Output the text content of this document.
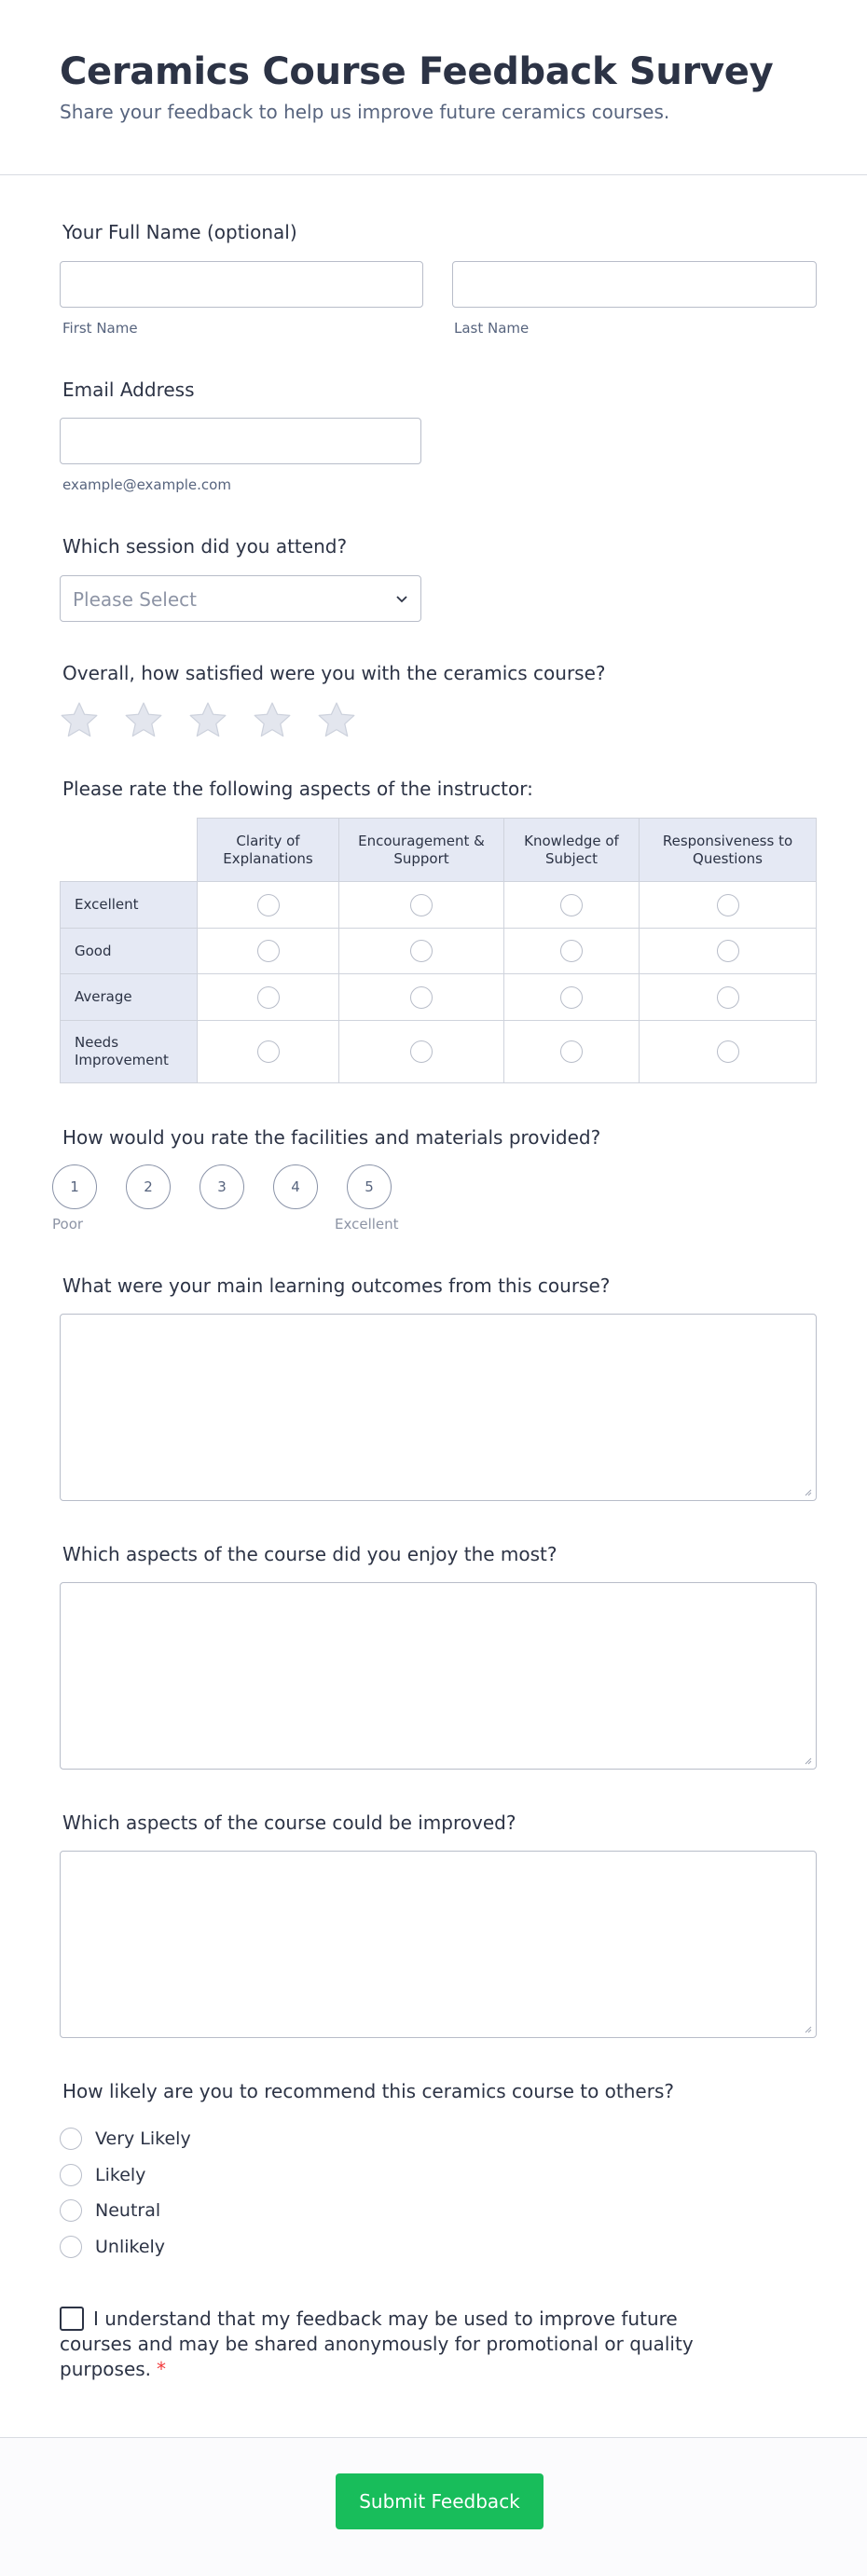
Ceramics Course Feedback Survey

Share your feedback to help us improve future ceramics courses.

Your Full Name (optional)
First Name	Last Name
Email Address
example@example.com
Which session did you attend?
Please Select
Overall, how satisfied were you with the ceramics course?
Please rate the following aspects of the instructor:
	Clarity of Explanations	Encouragement & Support	Knowledge of Subject	Responsiveness to Questions
Excellent				
Good				
Average				
Needs Improvement				
How would you rate the facilities and materials provided?
1	2	3	4	5
Poor	Excellent
What were your main learning outcomes from this course?
Which aspects of the course did you enjoy the most?
Which aspects of the course could be improved?
How likely are you to recommend this ceramics course to others?
Very Likely
Likely
Neutral
Unlikely
I understand that my feedback may be used to improve future courses and may be shared anonymously for promotional or quality purposes. *
Submit Feedback
